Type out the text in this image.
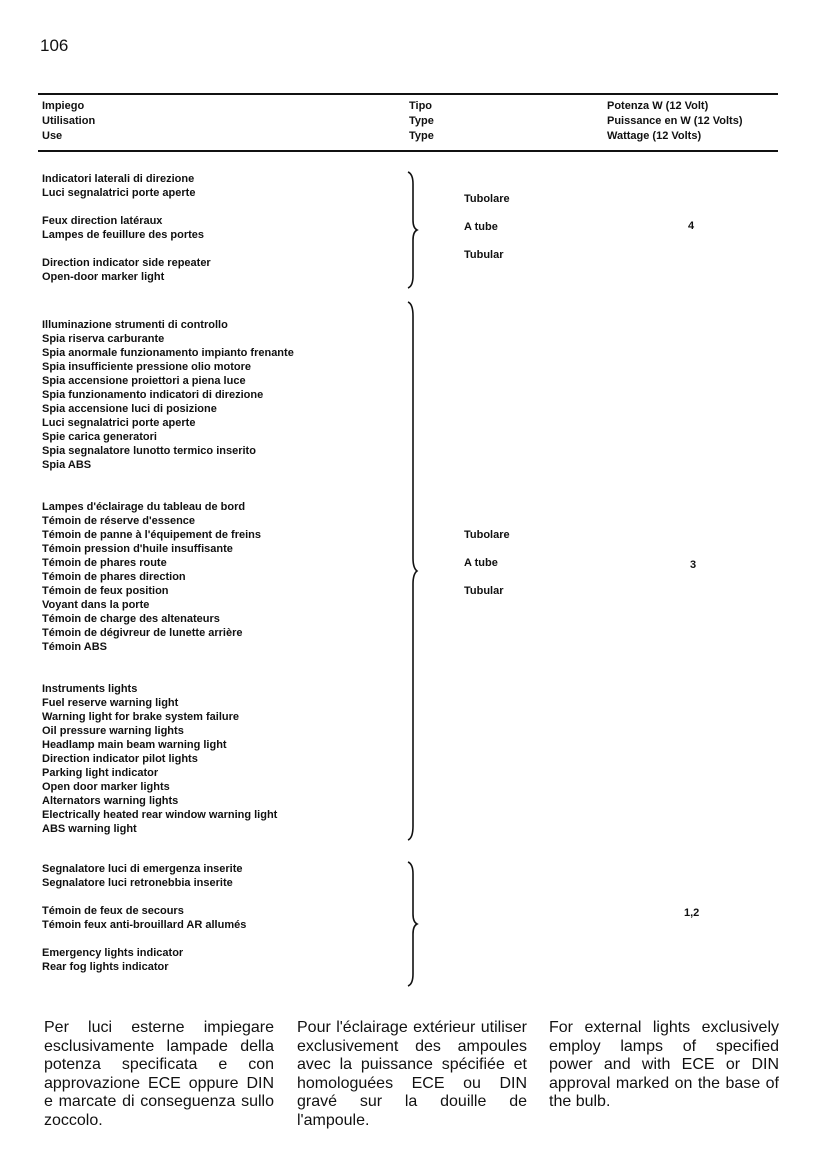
106
Impiego
Utilisation
Use
Tipo
Type
Type
Potenza W (12 Volt)
Puissance en W (12 Volts)
Wattage (12 Volts)
Indicatori laterali di direzione
Luci segnalatrici porte aperte

Feux direction latéraux
Lampes de feuillure des portes

Direction indicator side repeater
Open-door marker light
Tubolare
A tube
Tubular
4
Illuminazione strumenti di controllo
Spia riserva carburante
Spia anormale funzionamento impianto frenante
Spia insufficiente pressione olio motore
Spia accensione proiettori a piena luce
Spia funzionamento indicatori di direzione
Spia accensione luci di posizione
Luci segnalatrici porte aperte
Spie carica generatori
Spia segnalatore lunotto termico inserito
Spia ABS

Lampes d'éclairage du tableau de bord
Témoin de réserve d'essence
Témoin de panne à l'équipement de freins
Témoin pression d'huile insuffisante
Témoin de phares route
Témoin de phares direction
Témoin de feux position
Voyant dans la porte
Témoin de charge des altenateurs
Témoin de dégivreur de lunette arrière
Témoin ABS

Instruments lights
Fuel reserve warning light
Warning light for brake system failure
Oil pressure warning lights
Headlamp main beam warning light
Direction indicator pilot lights
Parking light indicator
Open door marker lights
Alternators warning lights
Electrically heated rear window warning light
ABS warning light
Tubolare
A tube
Tubular
3
Segnalatore luci di emergenza inserite
Segnalatore luci retronebbia inserite

Témoin de feux de secours
Témoin feux anti-brouillard AR allumés

Emergency lights indicator
Rear fog lights indicator
1,2
Per luci esterne impiegare esclusivamente lampade della potenza specificata e con approvazione ECE oppure DIN e marcate di conseguenza sullo zoccolo.
Pour l'éclairage extérieur utiliser exclusivement des ampoules avec la puissance spécifiée et homologuées ECE ou DIN gravé sur la douille de l'ampoule.
For external lights exclusively employ lamps of specified power and with ECE or DIN approval marked on the base of the bulb.
